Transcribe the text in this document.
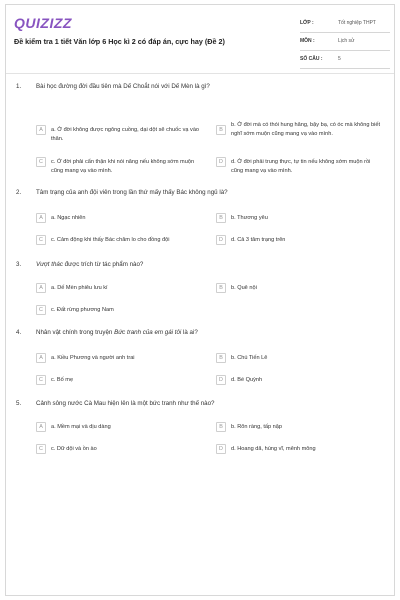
QUIZIZZ
Đề kiểm tra 1 tiết Văn lớp 6 Học kì 2 có đáp án, cực hay (Đề 2)
LỚP :	Tốt nghiệp THPT
MÔN :	Lịch sử
SỐ CÂU :	5
1. Bài học đường đời đầu tiên mà Dế Choắt nói với Dế Mèn là gì?
A	a. Ở đời không được ngông cuồng, dại dột sẽ chuốc vạ vào thân.
B
b. Ở đời mà có thói hung hăng, bậy bạ, có óc mà không biết nghĩ sớm muộn cũng mang vạ vào mình.
C	c. Ở đời phải cẩn thận khi nói năng nếu không sớm muộn cũng mang vạ vào mình.
D	d. Ở đời phải trung thực, tự tin nếu không sớm muộn rồi cũng mang vạ vào mình.
2. Tâm trạng của anh đội viên trong lần thứ mấy thấy Bác không ngủ là?
A	a. Ngạc nhiên	B	b. Thương yêu
C	c. Cảm động khi thấy Bác chăm lo cho đồng đội	D	d. Cả 3 tâm trạng trên
3. Vượt thác được trích từ tác phẩm nào?
A	a. Dế Mèn phiêu lưu kí	B	b. Quê nội
C	c. Đất rừng phương Nam
4. Nhân vật chính trong truyện Bức tranh của em gái tôi là ai?
A	a. Kiều Phương và người anh trai	B	b. Chú Tiến Lê
C	c. Bố mẹ	D	d. Bé Quỳnh
5. Cảnh sông nước Cà Mau hiện lên là một bức tranh như thế nào?
A	a. Mềm mại và dịu dàng	B	b. Rõn ràng, tấp nập
C	c. Dữ dội và ồn ào	D	d. Hoang dã, hùng vĩ, mênh mông
